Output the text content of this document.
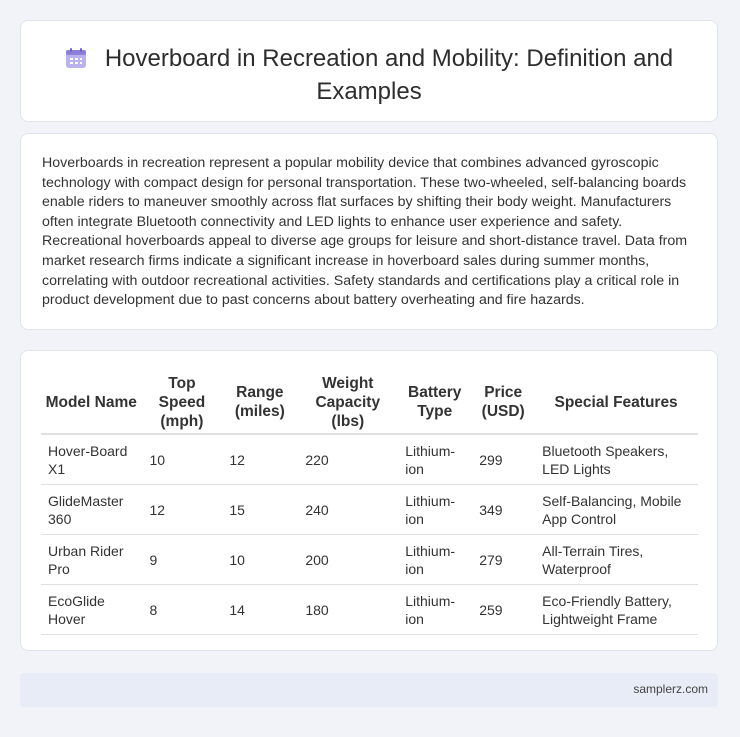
Hoverboard in Recreation and Mobility: Definition and Examples

Hoverboards in recreation represent a popular mobility device that combines advanced gyroscopic technology with compact design for personal transportation. These two-wheeled, self-balancing boards enable riders to maneuver smoothly across flat surfaces by shifting their body weight. Manufacturers often integrate Bluetooth connectivity and LED lights to enhance user experience and safety. Recreational hoverboards appeal to diverse age groups for leisure and short-distance travel. Data from market research firms indicate a significant increase in hoverboard sales during summer months, correlating with outdoor recreational activities. Safety standards and certifications play a critical role in product development due to past concerns about battery overheating and fire hazards.

Model Name	Top Speed (mph)	Range (miles)	Weight Capacity (lbs)	Battery Type	Price (USD)	Special Features
Hover-Board X1	10	12	220	Lithium-ion	299	Bluetooth Speakers, LED Lights
GlideMaster 360	12	15	240	Lithium-ion	349	Self-Balancing, Mobile App Control
Urban Rider Pro	9	10	200	Lithium-ion	279	All-Terrain Tires, Waterproof
EcoGlide Hover	8	14	180	Lithium-ion	259	Eco-Friendly Battery, Lightweight Frame
samplerz.com
